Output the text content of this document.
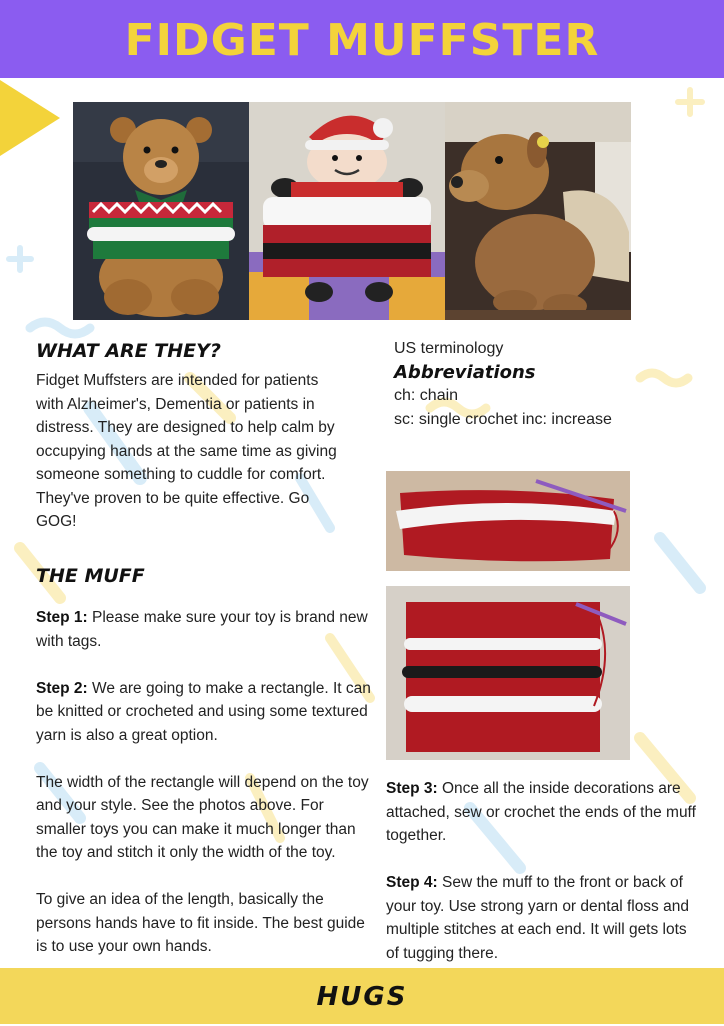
FIDGET MUFFSTER
WHAT ARE THEY?
Fidget Muffsters are intended for patients with Alzheimer's, Dementia or patients in distress. They are designed to help calm by occupying hands at the same time as giving someone something to cuddle for comfort. They've proven to be quite effective. Go GOG!
US terminology
Abbreviations
ch: chain
sc: single crochet inc: increase
THE MUFF

Step 1: Please make sure your toy is brand new with tags.

Step 2: We are going to make a rectangle. It can be knitted or crocheted and using some textured yarn is also a great option.

The width of the rectangle will depend on the toy and your style. See the photos above. For smaller toys you can make it much longer than the toy and stitch it only the width of the toy.

To give an idea of the length, basically the persons hands have to fit inside. The best guide is to use your own hands.

Step 3: Once all the inside decorations are attached, sew or crochet the ends of the muff together.

Step 4: Sew the muff to the front or back of your toy. Use strong yarn or dental floss and multiple stitches at each end. It will gets lots of tugging there.

HUGS
